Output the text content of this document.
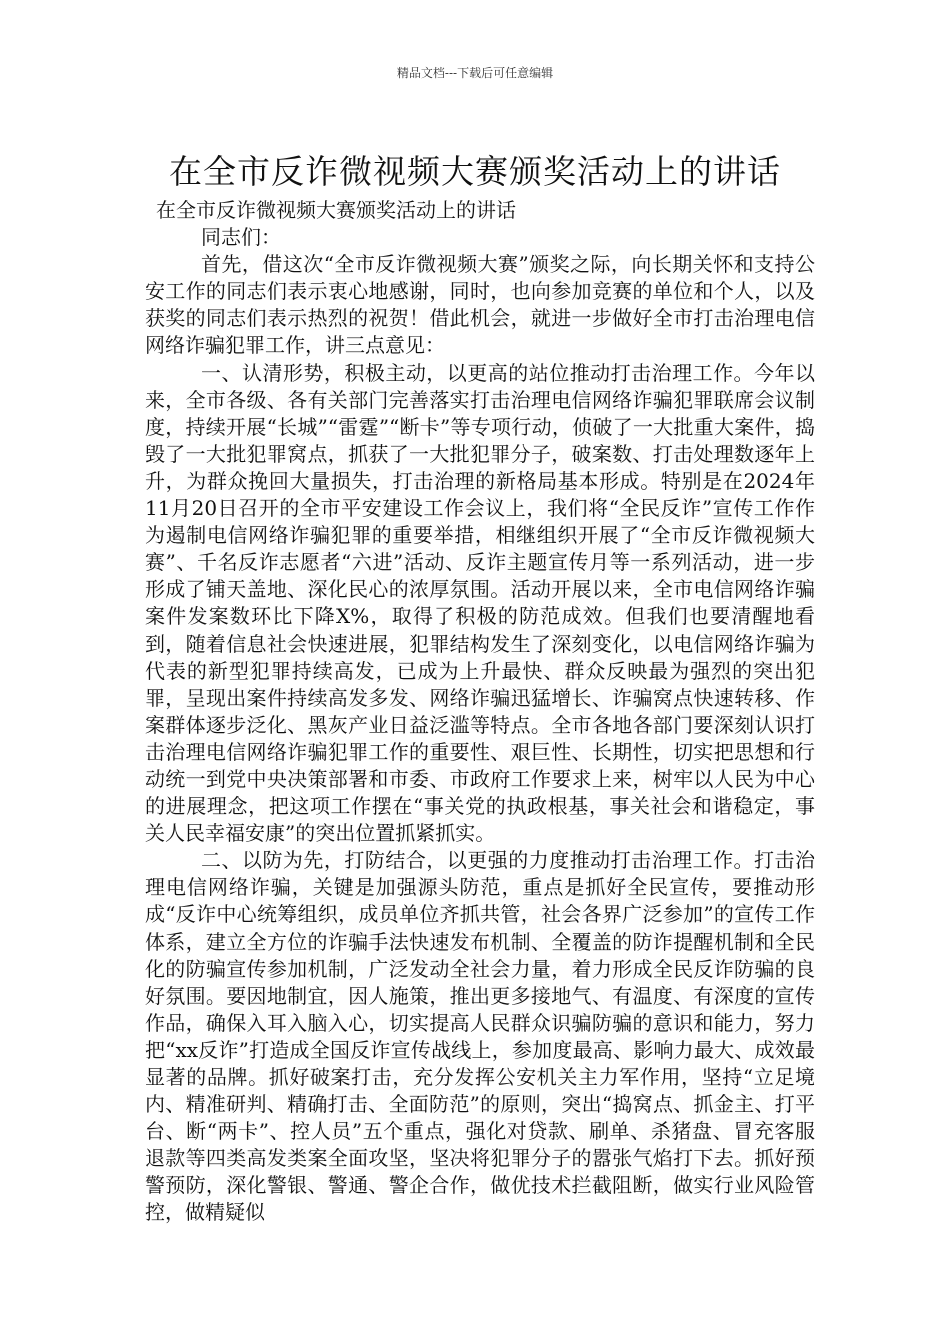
精品文档---下载后可任意编辑
在全市反诈微视频大赛颁奖活动上的讲话

在全市反诈微视频大赛颁奖活动上的讲话

同志们：

首先，借这次“全市反诈微视频大赛”颁奖之际，向长期关怀和支持公安工作的同志们表示衷心地感谢，同时，也向参加竞赛的单位和个人，以及获奖的同志们表示热烈的祝贺！借此机会，就进一步做好全市打击治理电信网络诈骗犯罪工作，讲三点意见：

一、认清形势，积极主动，以更高的站位推动打击治理工作。今年以来，全市各级、各有关部门完善落实打击治理电信网络诈骗犯罪联席会议制度，持续开展“长城”“雷霆”“断卡”等专项行动，侦破了一大批重大案件，捣毁了一大批犯罪窝点，抓获了一大批犯罪分子，破案数、打击处理数逐年上升，为群众挽回大量损失，打击治理的新格局基本形成。特别是在2024年11月20日召开的全市平安建设工作会议上，我们将“全民反诈”宣传工作作为遏制电信网络诈骗犯罪的重要举措，相继组织开展了“全市反诈微视频大赛”、千名反诈志愿者“六进”活动、反诈主题宣传月等一系列活动，进一步形成了铺天盖地、深化民心的浓厚氛围。活动开展以来，全市电信网络诈骗案件发案数环比下降X%，取得了积极的防范成效。但我们也要清醒地看到，随着信息社会快速进展，犯罪结构发生了深刻变化，以电信网络诈骗为代表的新型犯罪持续高发，已成为上升最快、群众反映最为强烈的突出犯罪，呈现出案件持续高发多发、网络诈骗迅猛增长、诈骗窝点快速转移、作案群体逐步泛化、黑灰产业日益泛滥等特点。全市各地各部门要深刻认识打击治理电信网络诈骗犯罪工作的重要性、艰巨性、长期性，切实把思想和行动统一到党中央决策部署和市委、市政府工作要求上来，树牢以人民为中心的进展理念，把这项工作摆在“事关党的执政根基，事关社会和谐稳定，事关人民幸福安康”的突出位置抓紧抓实。

二、以防为先，打防结合，以更强的力度推动打击治理工作。打击治理电信网络诈骗，关键是加强源头防范，重点是抓好全民宣传，要推动形成“反诈中心统筹组织，成员单位齐抓共管，社会各界广泛参加”的宣传工作体系，建立全方位的诈骗手法快速发布机制、全覆盖的防诈提醒机制和全民化的防骗宣传参加机制，广泛发动全社会力量，着力形成全民反诈防骗的良好氛围。要因地制宜，因人施策，推出更多接地气、有温度、有深度的宣传作品，确保入耳入脑入心，切实提高人民群众识骗防骗的意识和能力，努力把“xx反诈”打造成全国反诈宣传战线上，参加度最高、影响力最大、成效最显著的品牌。抓好破案打击，充分发挥公安机关主力军作用，坚持“立足境内、精准研判、精确打击、全面防范”的原则，突出“捣窝点、抓金主、打平台、断“两卡”、控人员”五个重点，强化对贷款、刷单、杀猪盘、冒充客服退款等四类高发类案全面攻坚，坚决将犯罪分子的嚣张气焰打下去。抓好预警预防，深化警银、警通、警企合作，做优技术拦截阻断，做实行业风险管控，做精疑似
